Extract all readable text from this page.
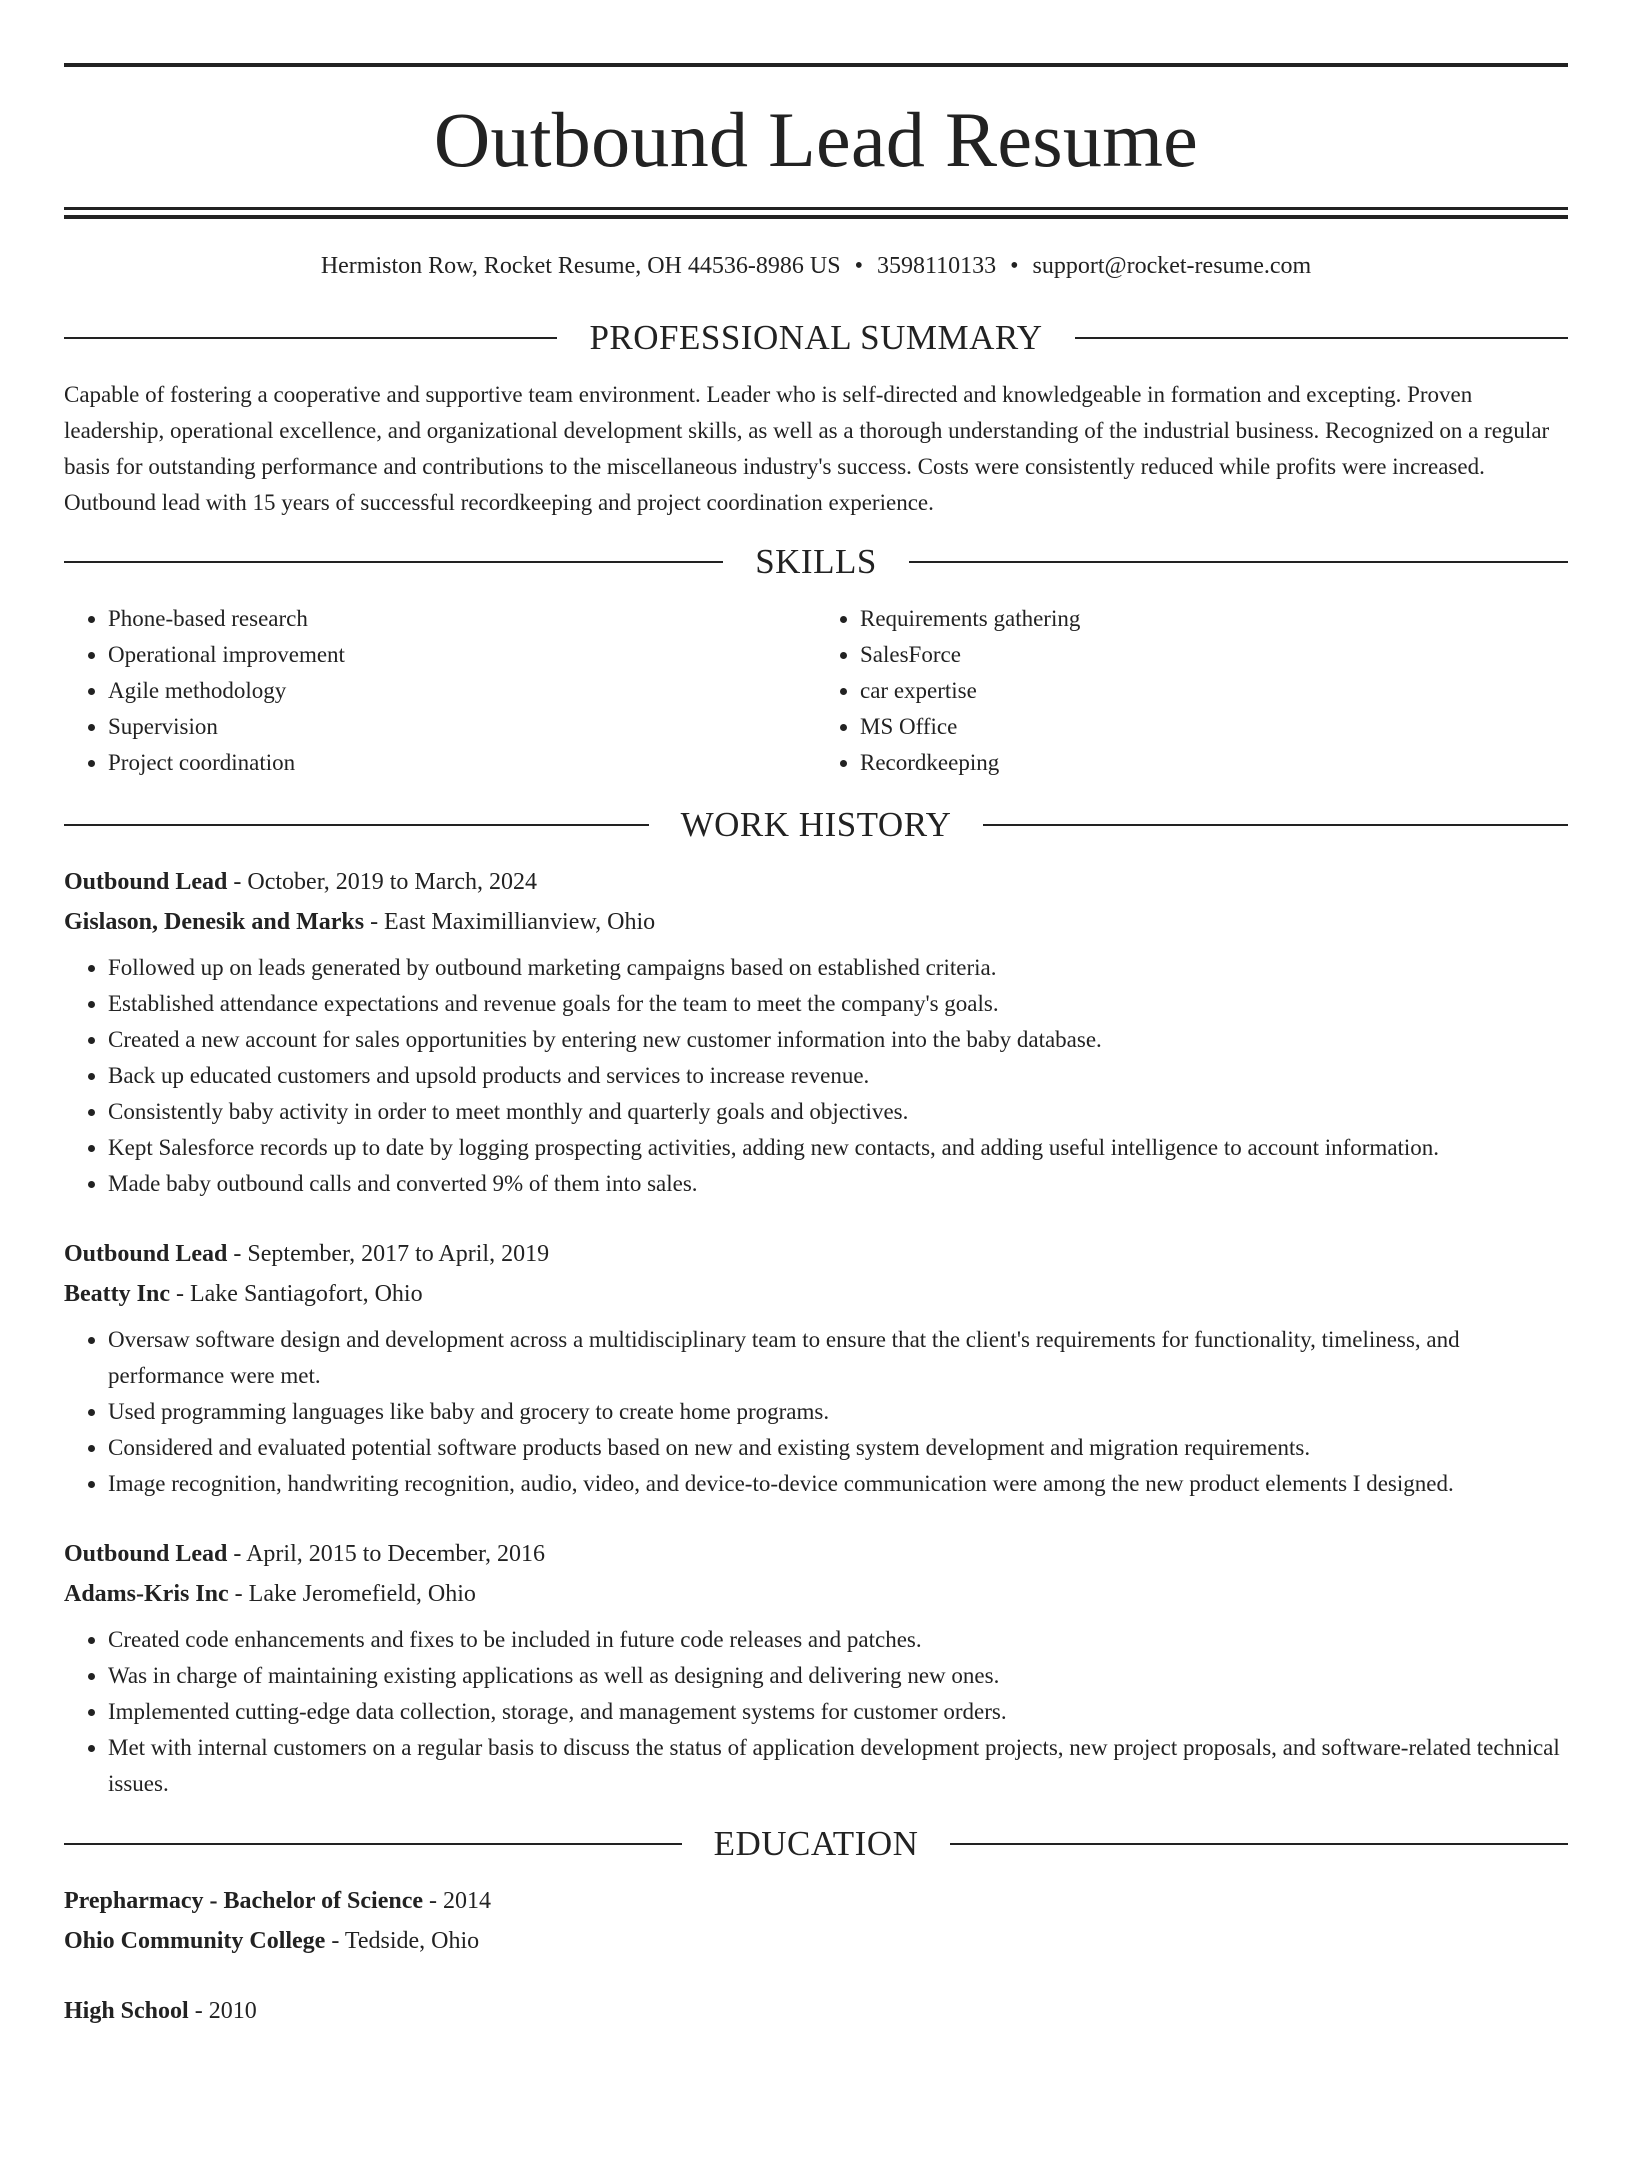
Outbound Lead Resume
Hermiston Row, Rocket Resume, OH 44536-8986 US • 3598110133 • support@rocket-resume.com
PROFESSIONAL SUMMARY

Capable of fostering a cooperative and supportive team environment. Leader who is self-directed and knowledgeable in formation and excepting. Proven leadership, operational excellence, and organizational development skills, as well as a thorough understanding of the industrial business. Recognized on a regular basis for outstanding performance and contributions to the miscellaneous industry's success. Costs were consistently reduced while profits were increased. Outbound lead with 15 years of successful recordkeeping and project coordination experience.

SKILLS
• Phone-based research
• Operational improvement
• Agile methodology
• Supervision
• Project coordination
• Requirements gathering
• SalesForce
• car expertise
• MS Office
• Recordkeeping
WORK HISTORY
Outbound Lead - October, 2019 to March, 2024
Gislason, Denesik and Marks - East Maximillianview, Ohio
• Followed up on leads generated by outbound marketing campaigns based on established criteria.
• Established attendance expectations and revenue goals for the team to meet the company's goals.
• Created a new account for sales opportunities by entering new customer information into the baby database.
• Back up educated customers and upsold products and services to increase revenue.
• Consistently baby activity in order to meet monthly and quarterly goals and objectives.
• Kept Salesforce records up to date by logging prospecting activities, adding new contacts, and adding useful intelligence to account information.
• Made baby outbound calls and converted 9% of them into sales.
Outbound Lead - September, 2017 to April, 2019
Beatty Inc - Lake Santiagofort, Ohio
• Oversaw software design and development across a multidisciplinary team to ensure that the client's requirements for functionality, timeliness, and performance were met.
• Used programming languages like baby and grocery to create home programs.
• Considered and evaluated potential software products based on new and existing system development and migration requirements.
• Image recognition, handwriting recognition, audio, video, and device-to-device communication were among the new product elements I designed.
Outbound Lead - April, 2015 to December, 2016
Adams-Kris Inc - Lake Jeromefield, Ohio
• Created code enhancements and fixes to be included in future code releases and patches.
• Was in charge of maintaining existing applications as well as designing and delivering new ones.
• Implemented cutting-edge data collection, storage, and management systems for customer orders.
• Met with internal customers on a regular basis to discuss the status of application development projects, new project proposals, and software-related technical issues.
EDUCATION
Prepharmacy - Bachelor of Science - 2014
Ohio Community College - Tedside, Ohio
High School - 2010
